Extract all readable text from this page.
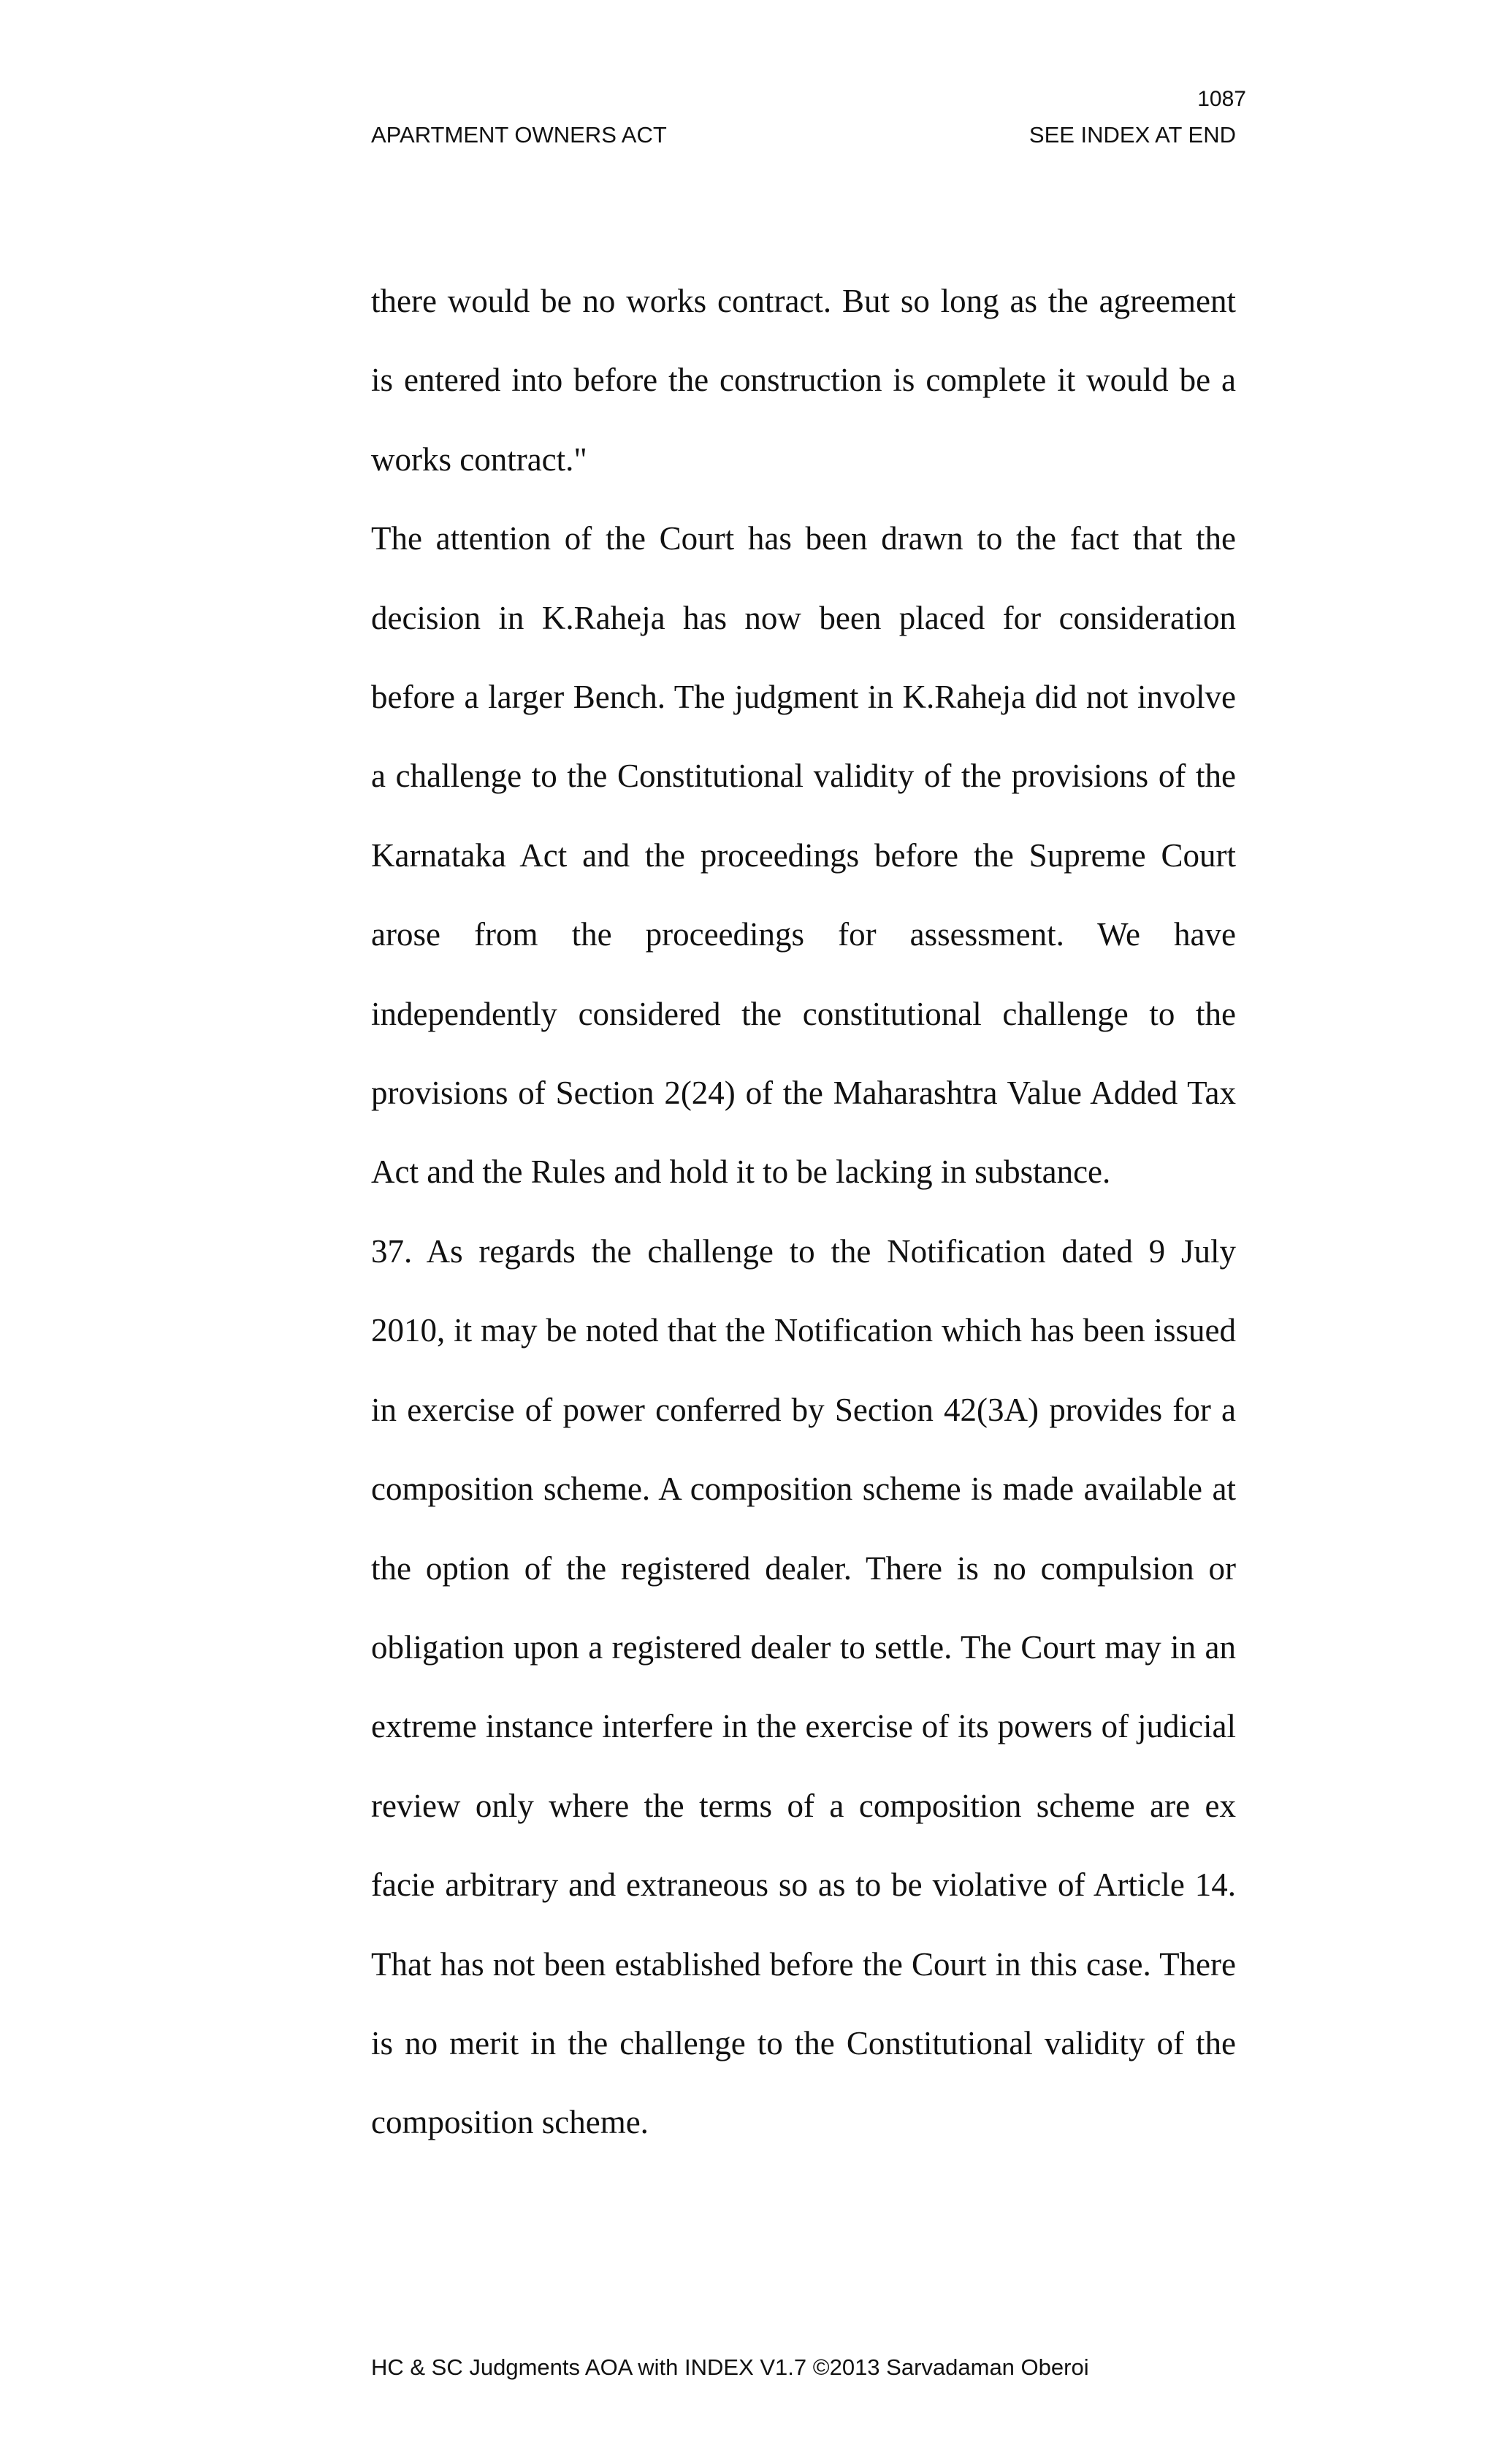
1087
APARTMENT OWNERS ACT	SEE INDEX AT END

there would be no works contract. But so long as the agreement is entered into before the construction is complete it would be a works contract."

The attention of the Court has been drawn to the fact that the decision in K.Raheja has now been placed for consideration before a larger Bench. The judgment in K.Raheja did not involve a challenge to the Constitutional validity of the provisions of the Karnataka Act and the proceedings before the Supreme Court arose from the proceedings for assessment. We have independently considered the constitutional challenge to the provisions of Section 2(24) of the Maharashtra Value Added Tax Act and the Rules and hold it to be lacking in substance.

37. As regards the challenge to the Notification dated 9 July 2010, it may be noted that the Notification which has been issued in exercise of power conferred by Section 42(3A) provides for a composition scheme. A composition scheme is made available at the option of the registered dealer. There is no compulsion or obligation upon a registered dealer to settle. The Court may in an extreme instance interfere in the exercise of its powers of judicial review only where the terms of a composition scheme are ex facie arbitrary and extraneous so as to be violative of Article 14. That has not been established before the Court in this case. There is no merit in the challenge to the Constitutional validity of the composition scheme.

HC & SC Judgments AOA with INDEX V1.7 ©2013 Sarvadaman Oberoi
